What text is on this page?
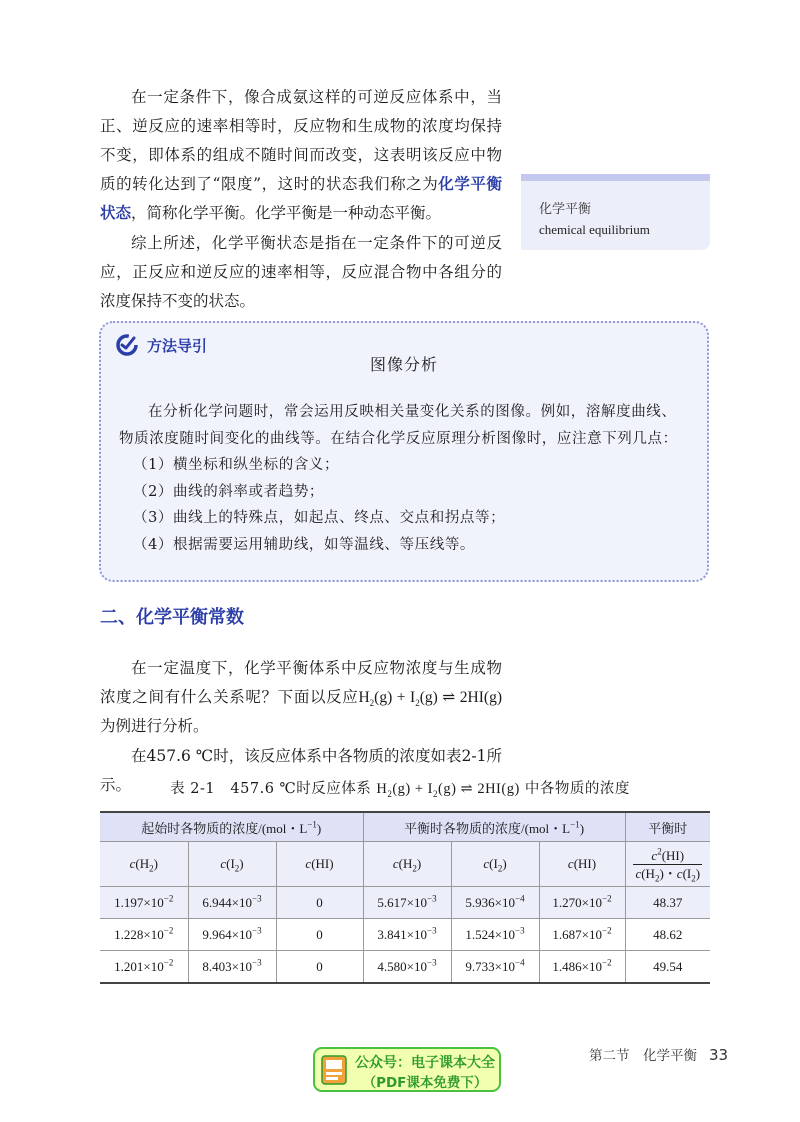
在一定条件下，像合成氨这样的可逆反应体系中，当正、逆反应的速率相等时，反应物和生成物的浓度均保持不变，即体系的组成不随时间而改变，这表明该反应中物质的转化达到了“限度”，这时的状态我们称之为化学平衡状态，简称化学平衡。化学平衡是一种动态平衡。

综上所述，化学平衡状态是指在一定条件下的可逆反应，正反应和逆反应的速率相等，反应混合物中各组分的浓度保持不变的状态。

化学平衡
chemical equilibrium
方法导引
图像分析

在分析化学问题时，常会运用反映相关量变化关系的图像。例如，溶解度曲线、物质浓度随时间变化的曲线等。在结合化学反应原理分析图像时，应注意下列几点：

（1）横坐标和纵坐标的含义；

（2）曲线的斜率或者趋势；

（3）曲线上的特殊点，如起点、终点、交点和拐点等；

（4）根据需要运用辅助线，如等温线、等压线等。

二、化学平衡常数

在一定温度下，化学平衡体系中反应物浓度与生成物浓度之间有什么关系呢？下面以反应$H_2(g) + I_2(g)$ ⇌ 2HI(g)为例进行分析。

在457.6 ℃时，该反应体系中各物质的浓度如表2-1所示。	表 2-1 457.6 ℃时反应体系 $H_2(g) + I_2(g)$ ⇌ 2HI(g) 中各物质的浓度
起始时各物质的浓度/(mol・$L^{-1}$)			平衡时各物质的浓度/(mol・$L^{-1}$)			平衡时
$c(H_2)$	$c(I_2)$	c(HI)	$c(H_2)$	$c(I_2)$	c(HI)	$\frac{c^2(HI)}{c(H_2)・c(I_2)}$

$1.197\times 10^{-2}$	$6.944\times 10^{-3}$	0	$5.617\times 10^{-3}$	$5.936\times 10^{-4}$	$1.270\times 10^{-2}$	48.37
$1.228\times 10^{-2}$	$9.964\times 10^{-3}$	0	$3.841\times 10^{-3}$	$1.524\times 10^{-3}$	$1.687\times 10^{-2}$	48.62
$1.201\times 10^{-2}$	$8.403\times 10^{-3}$	0	$4.580\times 10^{-3}$	$9.733\times 10^{-4}$	$1.486\times 10^{-2}$	49.54
公众号：电子课本大全
（PDF课本免费下）
第二节　化学平衡 33
